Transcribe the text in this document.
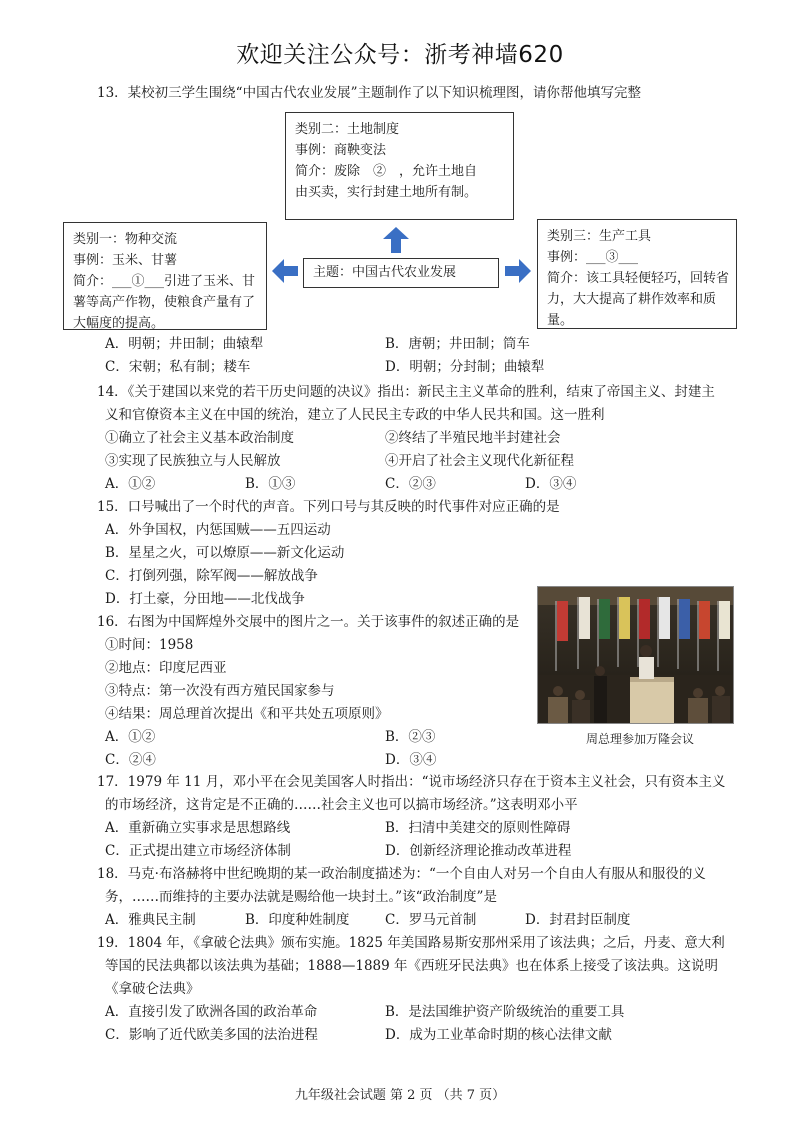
欢迎关注公众号：浙考神墙620
13．某校初三学生围绕“中国古代农业发展”主题制作了以下知识梳理图，请你帮他填写完整
类别二：土地制度
事例：商鞅变法
简介：废除　②　，允许土地自
由买卖，实行封建土地所有制。
类别一：物种交流
事例：玉米、甘薯
简介：___①___引进了玉米、甘
薯等高产作物，使粮食产量有了
大幅度的提高。
主题：中国古代农业发展
类别三：生产工具
事例：___③___
简介：该工具轻便轻巧，回转省
力，大大提高了耕作效率和质
量。
A．明朝；井田制；曲辕犁	B．唐朝；井田制；筒车
C．宋朝；私有制；耧车	D．明朝；分封制；曲辕犁
14．《关于建国以来党的若干历史问题的决议》指出：新民主主义革命的胜利，结束了帝国主义、封建主
义和官僚资本主义在中国的统治，建立了人民民主专政的中华人民共和国。这一胜利
①确立了社会主义基本政治制度	②终结了半殖民地半封建社会
③实现了民族独立与人民解放	④开启了社会主义现代化新征程
A．①②	B．①③	C．②③	D．③④
15．口号喊出了一个时代的声音。下列口号与其反映的时代事件对应正确的是
A．外争国权，内惩国贼——五四运动
B．星星之火，可以燎原——新文化运动
C．打倒列强，除军阀——解放战争
D．打土豪，分田地——北伐战争
16．右图为中国辉煌外交展中的图片之一。关于该事件的叙述正确的是
①时间：1958
②地点：印度尼西亚
③特点：第一次没有西方殖民国家参与
④结果：周总理首次提出《和平共处五项原则》
A．①②	B．②③
C．②④	D．③④
周总理参加万隆会议
17．1979 年 11 月，邓小平在会见美国客人时指出：“说市场经济只存在于资本主义社会，只有资本主义
的市场经济，这肯定是不正确的……社会主义也可以搞市场经济。”这表明邓小平
A．重新确立实事求是思想路线	B．扫清中美建交的原则性障碍
C．正式提出建立市场经济体制	D．创新经济理论推动改革进程
18．马克·布洛赫将中世纪晚期的某一政治制度描述为：“一个自由人对另一个自由人有服从和服役的义
务，……而维持的主要办法就是赐给他一块封土。”该“政治制度”是
A．雅典民主制	B．印度种姓制度	C．罗马元首制	D．封君封臣制度
19．1804 年，《拿破仑法典》颁布实施。1825 年美国路易斯安那州采用了该法典；之后，丹麦、意大利
等国的民法典都以该法典为基础；1888—1889 年《西班牙民法典》也在体系上接受了该法典。这说明
《拿破仑法典》
A．直接引发了欧洲各国的政治革命	B．是法国维护资产阶级统治的重要工具
C．影响了近代欧美多国的法治进程	D．成为工业革命时期的核心法律文献
九年级社会试题 第 2 页 （共 7 页）
